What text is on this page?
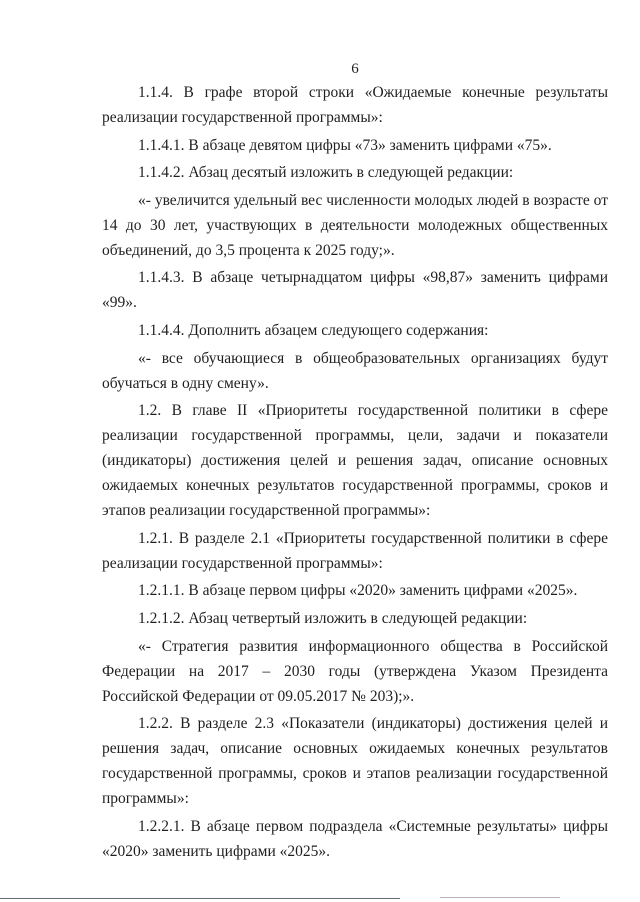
6

1.1.4. В графе второй строки «Ожидаемые конечные результаты реализации государственной программы»:

1.1.4.1. В абзаце девятом цифры «73» заменить цифрами «75».

1.1.4.2. Абзац десятый изложить в следующей редакции:

«- увеличится удельный вес численности молодых людей в возрасте от 14 до 30 лет, участвующих в деятельности молодежных общественных объединений, до 3,5 процента к 2025 году;».

1.1.4.3. В абзаце четырнадцатом цифры «98,87» заменить цифрами «99».

1.1.4.4. Дополнить абзацем следующего содержания:

«- все обучающиеся в общеобразовательных организациях будут обучаться в одну смену».

1.2. В главе II «Приоритеты государственной политики в сфере реализации государственной программы, цели, задачи и показатели (индикаторы) достижения целей и решения задач, описание основных ожидаемых конечных результатов государственной программы, сроков и этапов реализации государственной программы»:

1.2.1. В разделе 2.1 «Приоритеты государственной политики в сфере реализации государственной программы»:

1.2.1.1. В абзаце первом цифры «2020» заменить цифрами «2025».

1.2.1.2. Абзац четвертый изложить в следующей редакции:

«- Стратегия развития информационного общества в Российской Федерации на 2017 – 2030 годы (утверждена Указом Президента Российской Федерации от 09.05.2017 № 203);».

1.2.2. В разделе 2.3 «Показатели (индикаторы) достижения целей и решения задач, описание основных ожидаемых конечных результатов государственной программы, сроков и этапов реализации государственной программы»:

1.2.2.1. В абзаце первом подраздела «Системные результаты» цифры «2020» заменить цифрами «2025».
